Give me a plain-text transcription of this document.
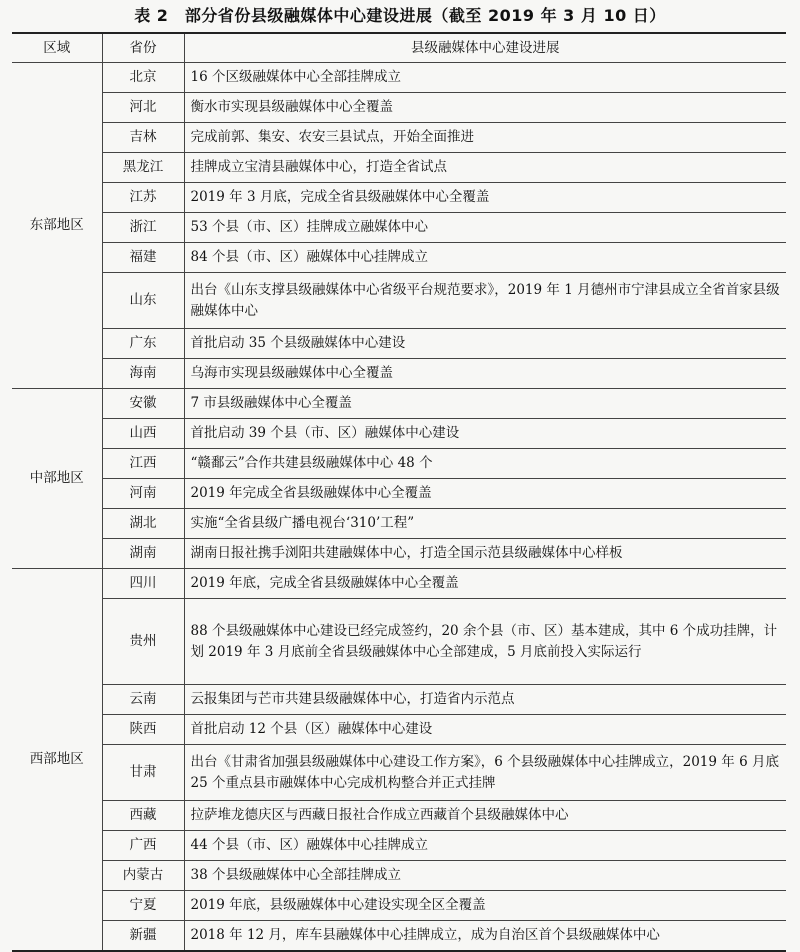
表 2　部分省份县级融媒体中心建设进展（截至 2019 年 3 月 10 日）
区域	省份	县级融媒体中心建设进展
东部地区	北京	16 个区级融媒体中心全部挂牌成立
	河北	衡水市实现县级融媒体中心全覆盖
	吉林	完成前郭、集安、农安三县试点，开始全面推进
	黑龙江	挂牌成立宝清县融媒体中心，打造全省试点
	江苏	2019 年 3 月底，完成全省县级融媒体中心全覆盖
	浙江	53 个县（市、区）挂牌成立融媒体中心
	福建	84 个县（市、区）融媒体中心挂牌成立
	山东	出台《山东支撑县级融媒体中心省级平台规范要求》，2019 年 1 月德州市宁津县成立全省首家县级融媒体中心
	广东	首批启动 35 个县级融媒体中心建设
	海南	乌海市实现县级融媒体中心全覆盖
中部地区	安徽	7 市县级融媒体中心全覆盖
	山西	首批启动 39 个县（市、区）融媒体中心建设
	江西	“赣鄱云”合作共建县级融媒体中心 48 个
	河南	2019 年完成全省县级融媒体中心全覆盖
	湖北	实施“全省县级广播电视台‘310’工程”
	湖南	湖南日报社携手浏阳共建融媒体中心，打造全国示范县级融媒体中心样板
西部地区	四川	2019 年底，完成全省县级融媒体中心全覆盖
	贵州	88 个县级融媒体中心建设已经完成签约，20 余个县（市、区）基本建成，其中 6 个成功挂牌，计划 2019 年 3 月底前全省县级融媒体中心全部建成，5 月底前投入实际运行
	云南	云报集团与芒市共建县级融媒体中心，打造省内示范点
	陕西	首批启动 12 个县（区）融媒体中心建设
	甘肃	出台《甘肃省加强县级融媒体中心建设工作方案》，6 个县级融媒体中心挂牌成立，2019 年 6 月底 25 个重点县市融媒体中心完成机构整合并正式挂牌
	西藏	拉萨堆龙德庆区与西藏日报社合作成立西藏首个县级融媒体中心
	广西	44 个县（市、区）融媒体中心挂牌成立
	内蒙古	38 个县级融媒体中心全部挂牌成立
	宁夏	2019 年底，县级融媒体中心建设实现全区全覆盖
	新疆	2018 年 12 月，库车县融媒体中心挂牌成立，成为自治区首个县级融媒体中心
